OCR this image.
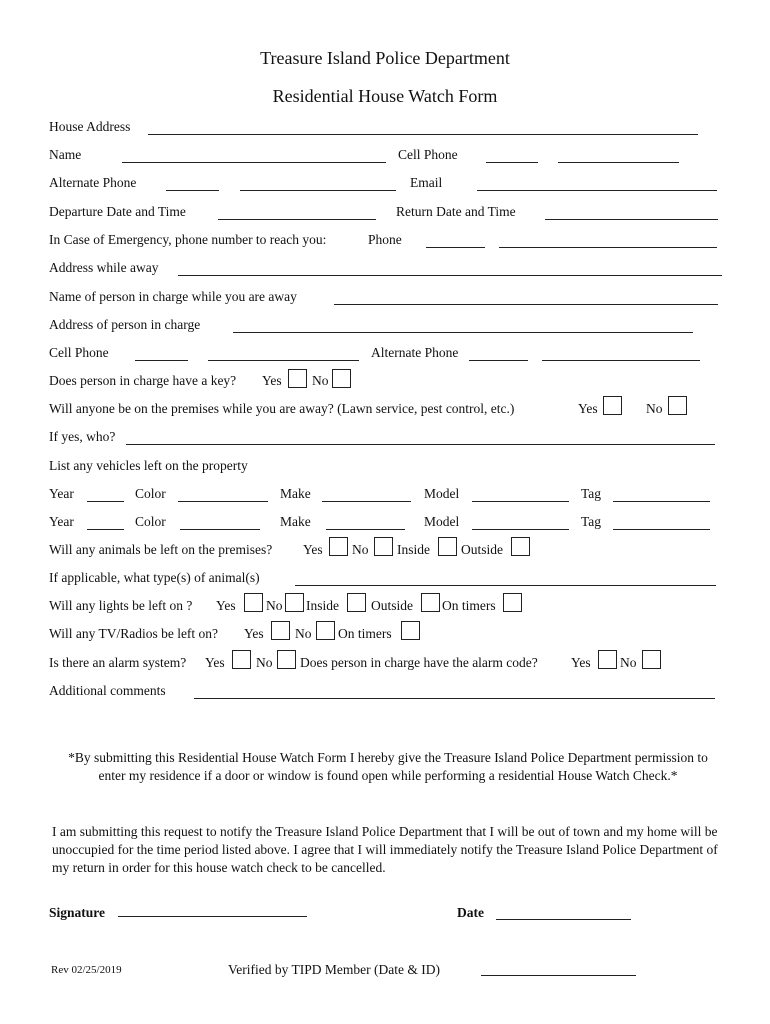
Treasure Island Police Department
Residential House Watch Form
House Address
Name	Cell Phone
Alternate Phone	Email
Departure Date and Time	Return Date and Time
In Case of Emergency, phone number to reach you:	Phone
Address while away
Name of person in charge while you are away
Address of person in charge
Cell Phone	Alternate Phone
Does person in charge have a key? Yes No
Will anyone be on the premises while you are away? (Lawn service, pest control, etc.)	Yes	No
If yes, who?
List any vehicles left on the property
Year	Color	Make	Model	Tag
Year	Color	Make	Model	Tag
Will any animals be left on the premises? Yes No Inside Outside
If applicable, what type(s) of animal(s)
Will any lights be left on ? Yes No Inside Outside On timers
Will any TV/Radios be left on? Yes No On timers
Is there an alarm system? Yes No Does person in charge have the alarm code? Yes No
Additional comments
*By submitting this Residential House Watch Form I hereby give the Treasure Island Police Department permission to enter my residence if a door or window is found open while performing a residential House Watch Check.*
I am submitting this request to notify the Treasure Island Police Department that I will be out of town and my home will be unoccupied for the time period listed above. I agree that I will immediately notify the Treasure Island Police Department of my return in order for this house watch check to be cancelled.
Signature	Date
Rev 02/25/2019	Verified by TIPD Member (Date & ID)
